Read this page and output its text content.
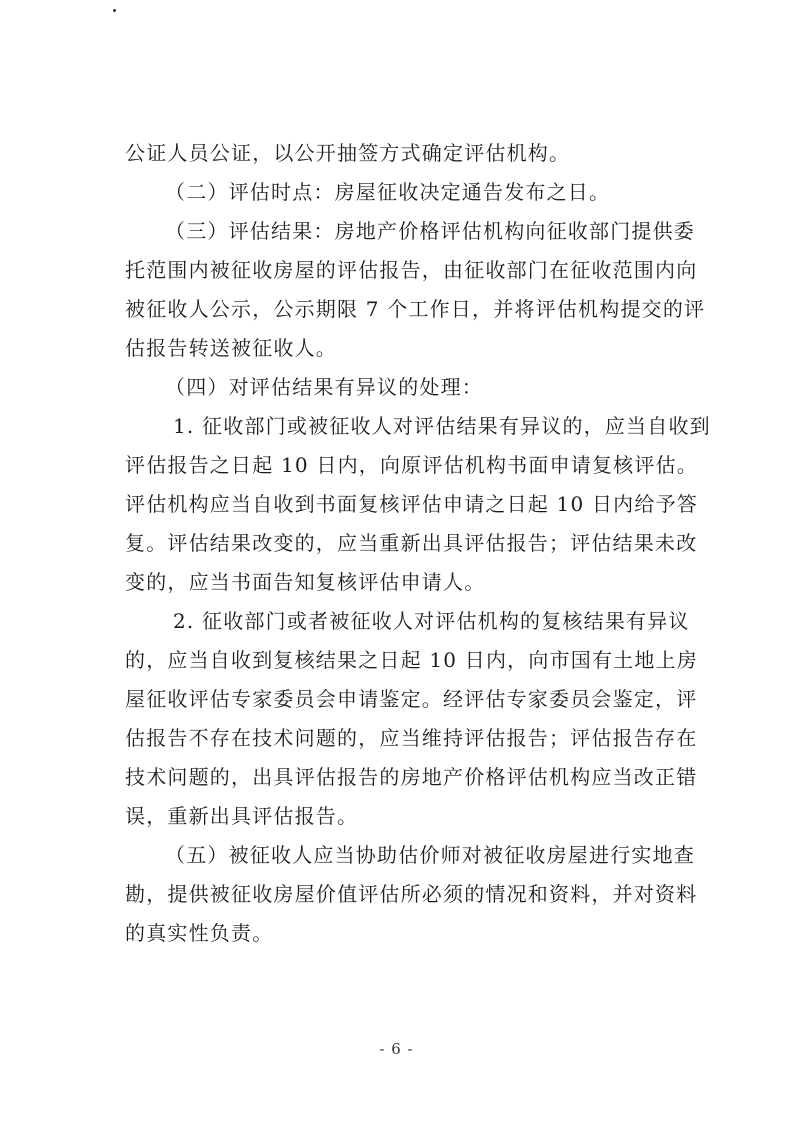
公证人员公证，以公开抽签方式确定评估机构。
（二）评估时点：房屋征收决定通告发布之日。
（三）评估结果：房地产价格评估机构向征收部门提供委
托范围内被征收房屋的评估报告，由征收部门在征收范围内向
被征收人公示，公示期限 7 个工作日，并将评估机构提交的评
估报告转送被征收人。
（四）对评估结果有异议的处理：
1. 征收部门或被征收人对评估结果有异议的，应当自收到
评估报告之日起 10 日内，向原评估机构书面申请复核评估。
评估机构应当自收到书面复核评估申请之日起 10 日内给予答
复。评估结果改变的，应当重新出具评估报告；评估结果未改
变的，应当书面告知复核评估申请人。
2. 征收部门或者被征收人对评估机构的复核结果有异议
的，应当自收到复核结果之日起 10 日内，向市国有土地上房
屋征收评估专家委员会申请鉴定。经评估专家委员会鉴定，评
估报告不存在技术问题的，应当维持评估报告；评估报告存在
技术问题的，出具评估报告的房地产价格评估机构应当改正错
误，重新出具评估报告。
（五）被征收人应当协助估价师对被征收房屋进行实地查
勘，提供被征收房屋价值评估所必须的情况和资料，并对资料
的真实性负责。
- 6 -
